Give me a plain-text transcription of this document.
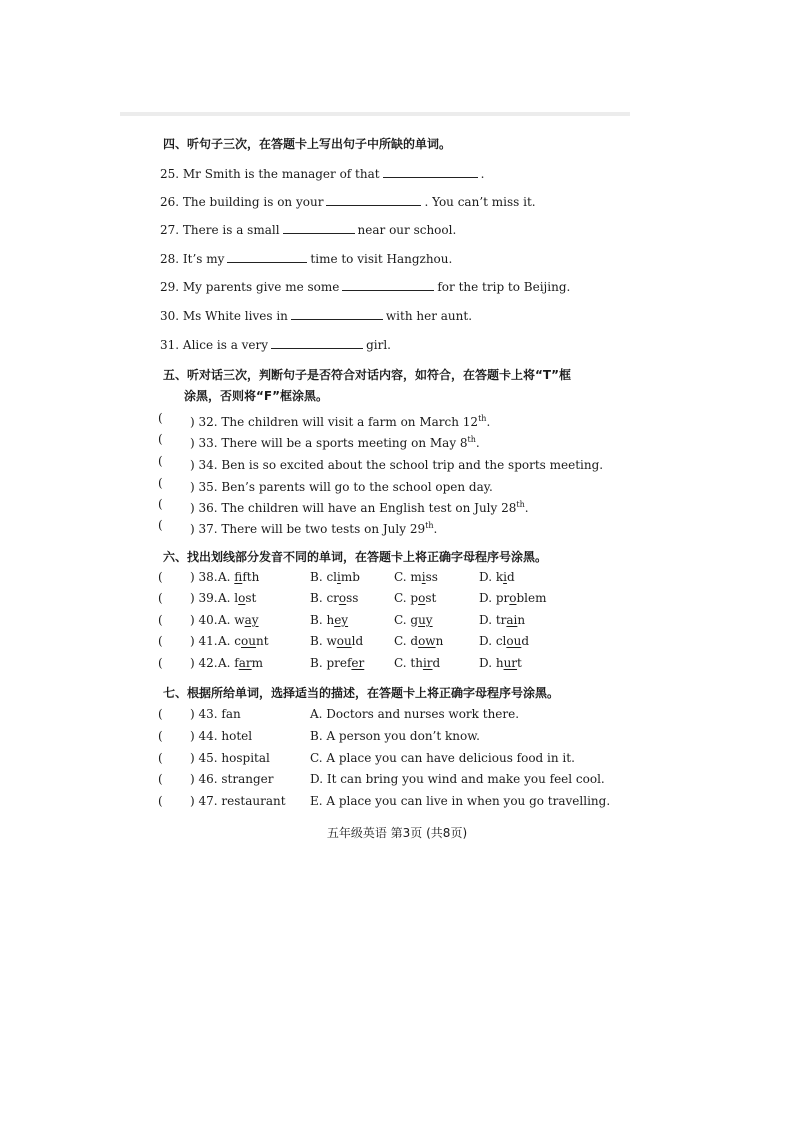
四、听句子三次，在答题卡上写出句子中所缺的单词。
25. Mr Smith is the manager of that	.
26. The building is on your	. You can’t miss it.
27. There is a small	near our school.
28. It’s my	time to visit Hangzhou.
29. My parents give me some	for the trip to Beijing.
30. Ms White lives in	with her aunt.
31. Alice is a very	girl.
五、听对话三次，判断句子是否符合对话内容，如符合，在答题卡上将“T”框
涂黑，否则将“F”框涂黑。
( ) 32. The children will visit a farm on March 12th.
( ) 33. There will be a sports meeting on May 8th.
( ) 34. Ben is so excited about the school trip and the sports meeting.
( ) 35. Ben’s parents will go to the school open day.
( ) 36. The children will have an English test on July 28th.
( ) 37. There will be two tests on July 29th.
六、找出划线部分发音不同的单词，在答题卡上将正确字母程序号涂黑。
( ) 38. A. ffth	B. climb	C. miss	D. kid
( ) 39. A. lost	B. cross	C. post	D. problem
( ) 40. A. way	B. hey	C. guy	D. train
( ) 41. A. count	B. would	C. down	D. cloud
( ) 42. A. farm	B. prefer C. third	D. hurt
七、根据所给单词，选择适当的描述，在答题卡上将正确字母程序号涂黑。
( ) 43. fan	A. Doctors and nurses work there.
( ) 44. hotel	B. A person you don’t know.
( ) 45. hospital	C. A place you can have delicious food in it.
( ) 46. stranger	D. It can bring you wind and make you feel cool.
( ) 47. restaurant E. A place you can live in when you go travelling.
五年级英语 第3页 (共8页)
